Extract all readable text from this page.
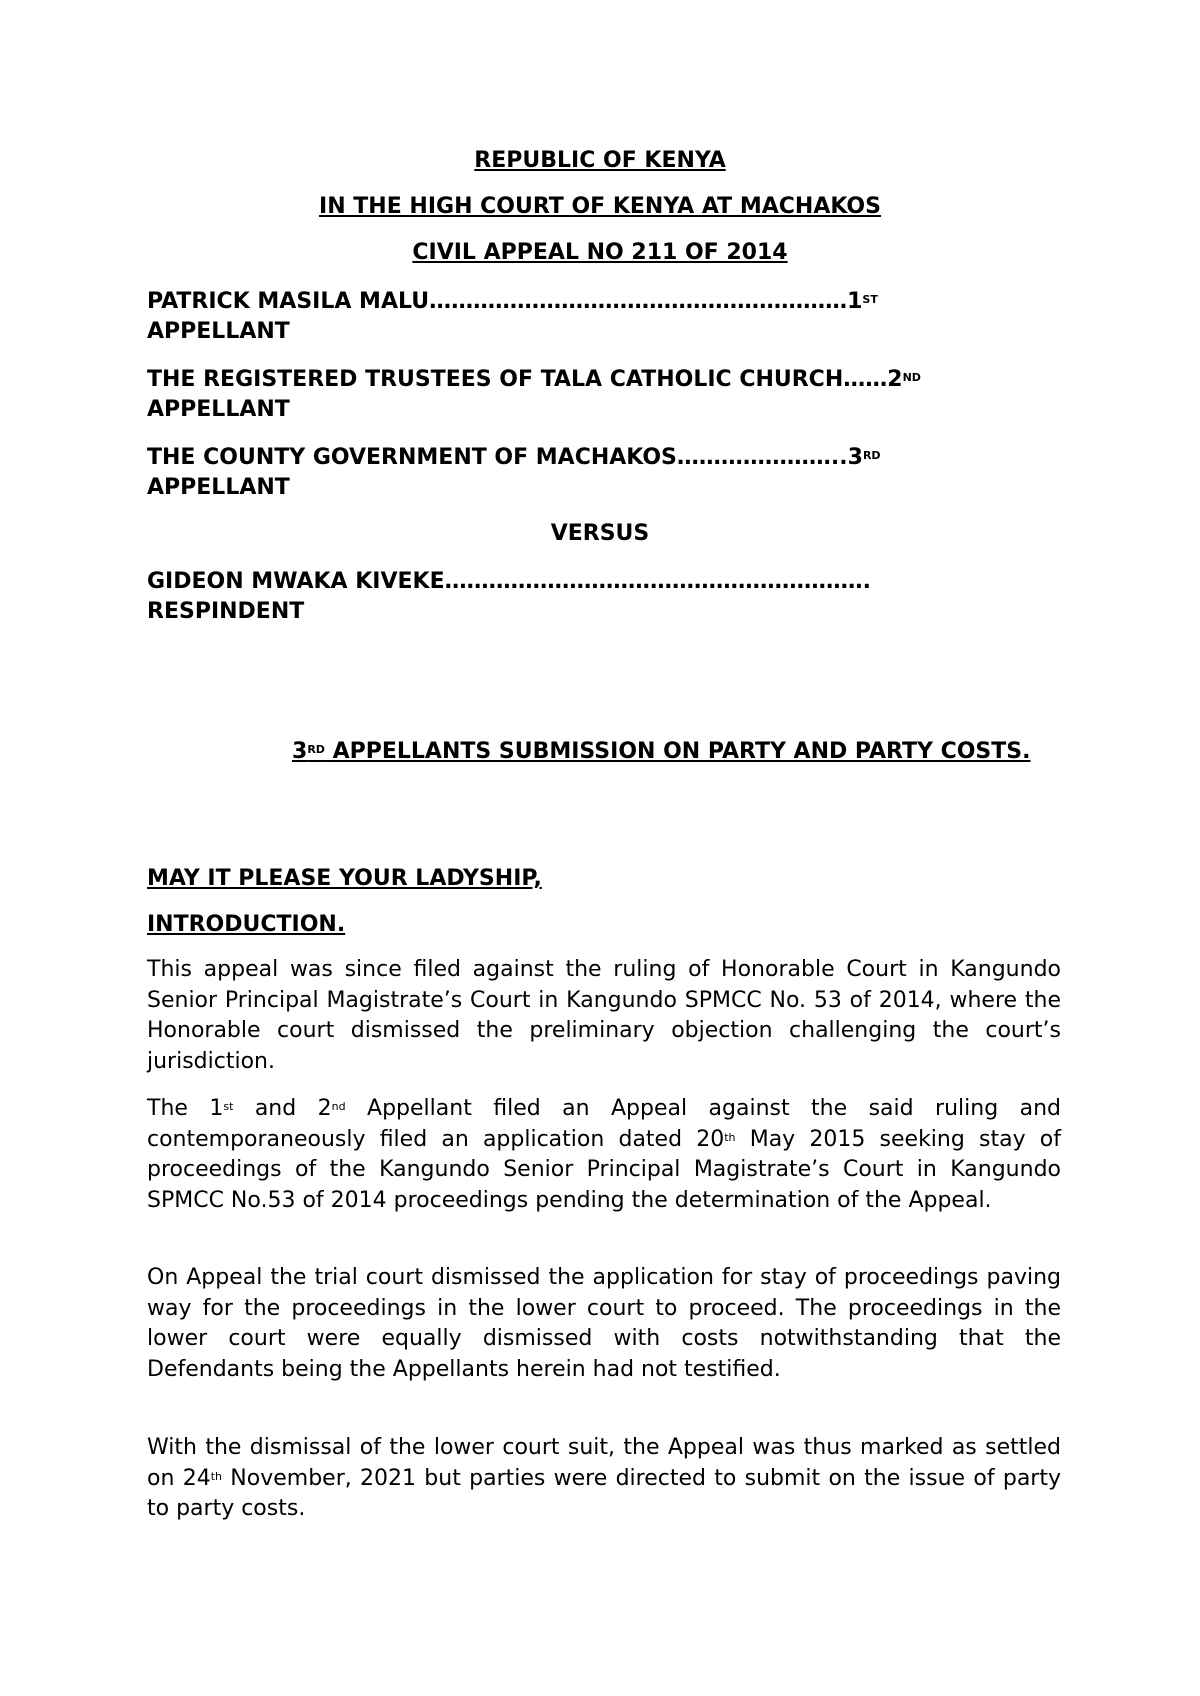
REPUBLIC OF KENYA
IN THE HIGH COURT OF KENYA AT MACHAKOS
CIVIL APPEAL NO 211 OF 2014
PATRICK MASILA MALU…………………………………………………1ST
APPELLANT
THE REGISTERED TRUSTEES OF TALA CATHOLIC CHURCH……2ND
APPELLANT
THE COUNTY GOVERNMENT OF MACHAKOS…………………..3RD
APPELLANT
VERSUS
GIDEON MWAKA KIVEKE………………………………………………….
RESPINDENT
3RD APPELLANTS SUBMISSION ON PARTY AND PARTY COSTS.
MAY IT PLEASE YOUR LADYSHIP,
INTRODUCTION.

This appeal was since filed against the ruling of Honorable Court in Kangundo Senior Principal Magistrate’s Court in Kangundo SPMCC No. 53 of 2014, where the Honorable court dismissed the preliminary objection challenging the court’s jurisdiction.

The 1st and 2nd Appellant filed an Appeal against the said ruling and contemporaneously filed an application dated 20th May 2015 seeking stay of proceedings of the Kangundo Senior Principal Magistrate’s Court in Kangundo SPMCC No.53 of 2014 proceedings pending the determination of the Appeal.

On Appeal the trial court dismissed the application for stay of proceedings paving way for the proceedings in the lower court to proceed. The proceedings in the lower court were equally dismissed with costs notwithstanding that the Defendants being the Appellants herein had not testified.

With the dismissal of the lower court suit, the Appeal was thus marked as settled on 24th November, 2021 but parties were directed to submit on the issue of party to party costs.
